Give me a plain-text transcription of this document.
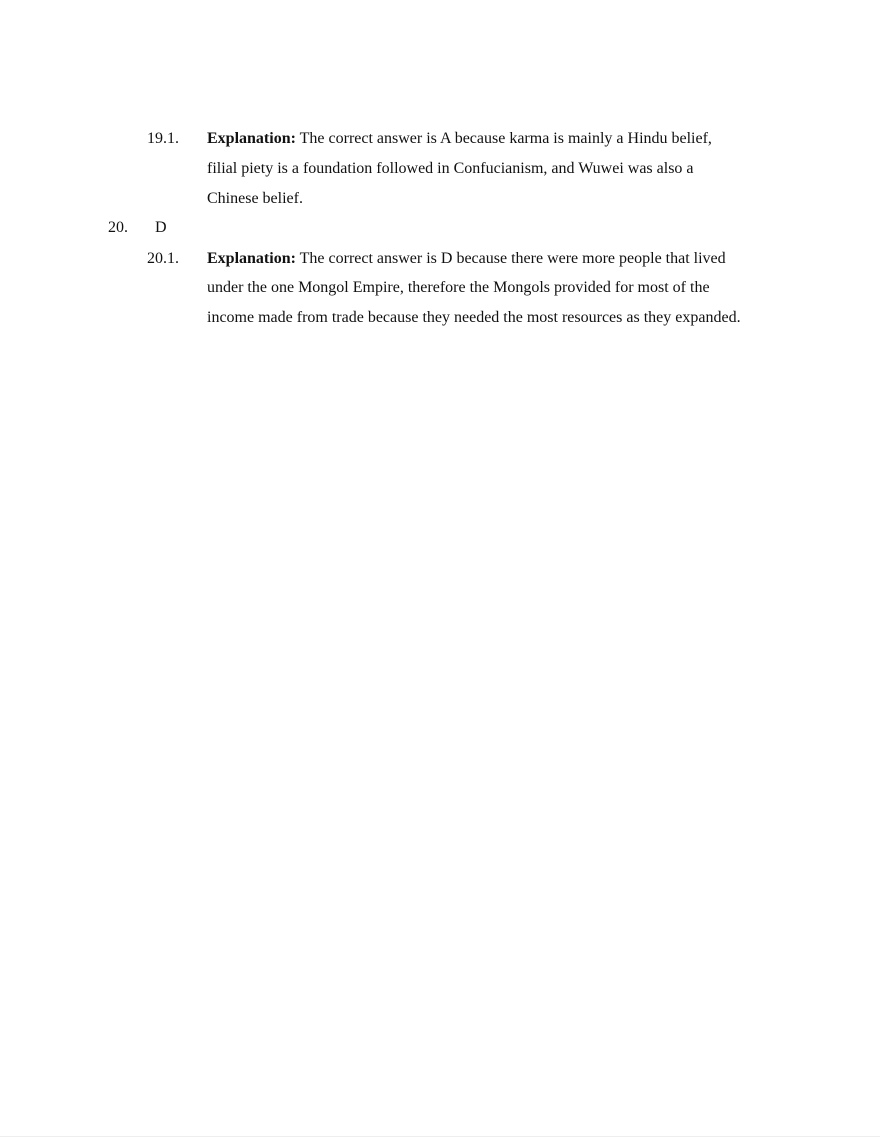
19.1. Explanation: The correct answer is A because karma is mainly a Hindu belief,
filial piety is a foundation followed in Confucianism, and Wuwei was also a
Chinese belief.
20. D
20.1. Explanation: The correct answer is D because there were more people that lived
under the one Mongol Empire, therefore the Mongols provided for most of the
income made from trade because they needed the most resources as they expanded.
